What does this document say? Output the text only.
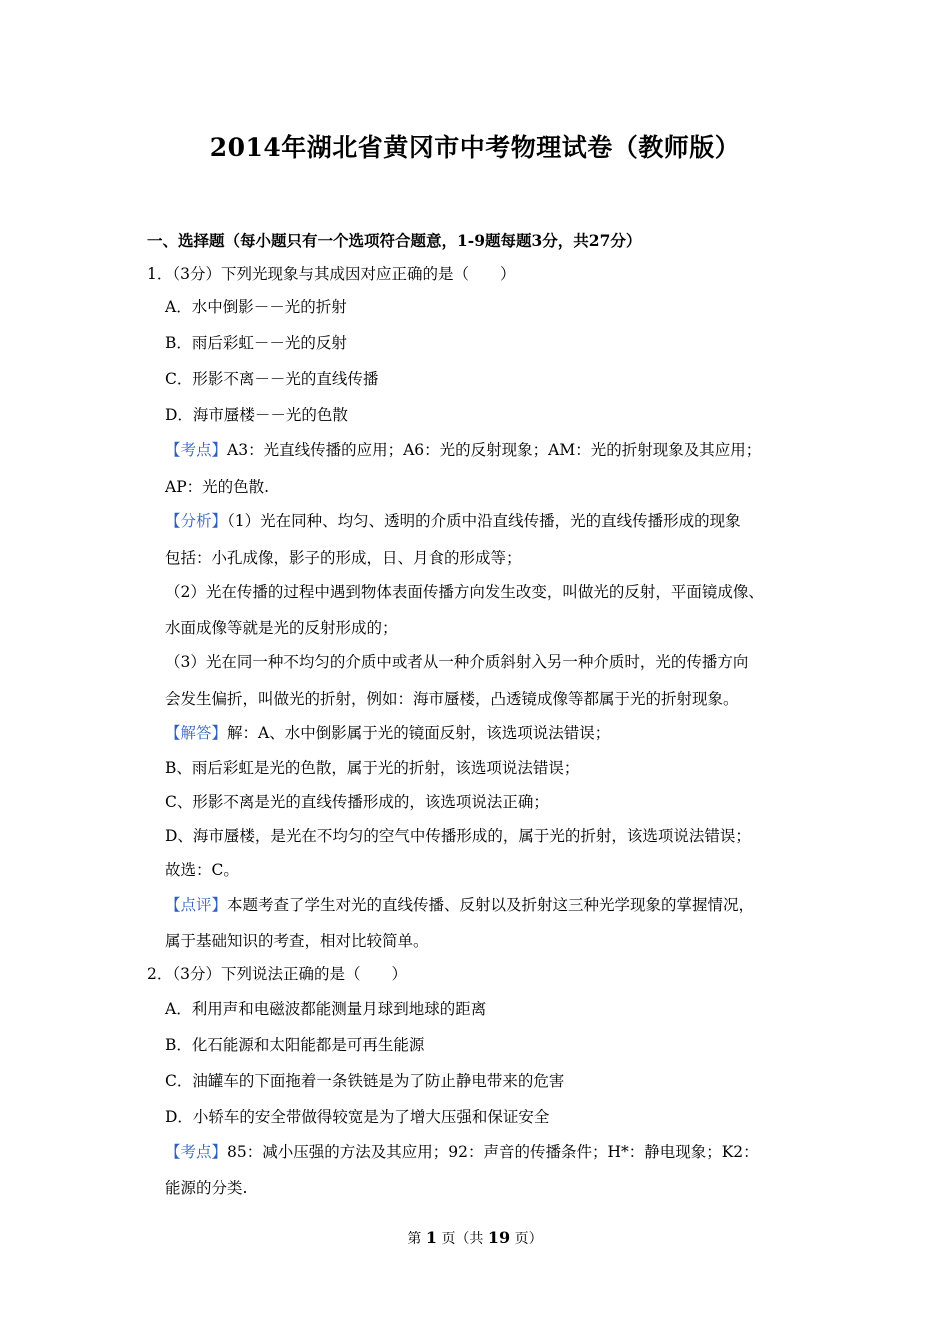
2014年湖北省黄冈市中考物理试卷（教师版）
一、选择题（每小题只有一个选项符合题意，1-9题每题3分，共27分）
1．（3分）下列光现象与其成因对应正确的是（　　）
A．水中倒影－－光的折射
B．雨后彩虹－－光的反射
C．形影不离－－光的直线传播
D．海市蜃楼－－光的色散
【考点】A3：光直线传播的应用；A6：光的反射现象；AM：光的折射现象及其应用；
AP：光的色散.
【分析】（1）光在同种、均匀、透明的介质中沿直线传播，光的直线传播形成的现象
包括：小孔成像，影子的形成，日、月食的形成等；
（2）光在传播的过程中遇到物体表面传播方向发生改变，叫做光的反射，平面镜成像、
水面成像等就是光的反射形成的；
（3）光在同一种不均匀的介质中或者从一种介质斜射入另一种介质时，光的传播方向
会发生偏折，叫做光的折射，例如：海市蜃楼，凸透镜成像等都属于光的折射现象。
【解答】解：A、水中倒影属于光的镜面反射，该选项说法错误；
B、雨后彩虹是光的色散，属于光的折射，该选项说法错误；
C、形影不离是光的直线传播形成的，该选项说法正确；
D、海市蜃楼，是光在不均匀的空气中传播形成的，属于光的折射，该选项说法错误；
故选：C。
【点评】本题考查了学生对光的直线传播、反射以及折射这三种光学现象的掌握情况，
属于基础知识的考查，相对比较简单。
2．（3分）下列说法正确的是（　　）
A．利用声和电磁波都能测量月球到地球的距离
B．化石能源和太阳能都是可再生能源
C．油罐车的下面拖着一条铁链是为了防止静电带来的危害
D．小轿车的安全带做得较宽是为了增大压强和保证安全
【考点】85：减小压强的方法及其应用；92：声音的传播条件；H*：静电现象；K2：
能源的分类.
第 1 页（共 19 页）
